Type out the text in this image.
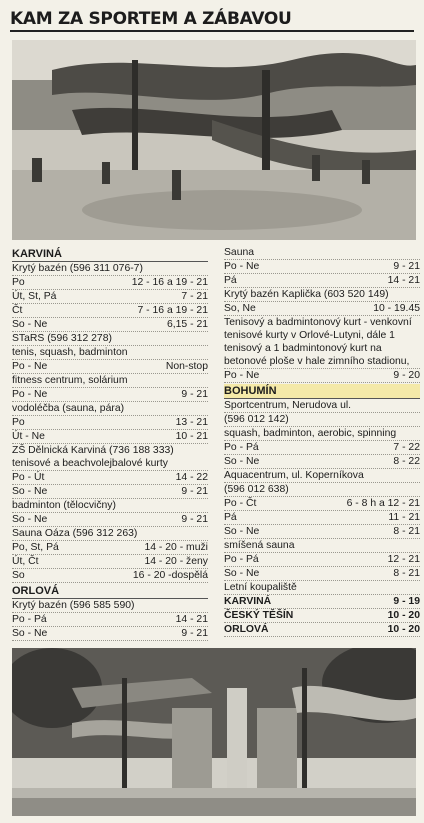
KAM ZA SPORTEM A ZÁBAVOU
KARVINÁ
Krytý bazén (596 311 076-7)
Po	12 - 16 a 19 - 21
Út, St, Pá	7 - 21
Čt	7 - 16 a 19 - 21
So - Ne	6,15 - 21
STaRS (596 312 278)
tenis, squash, badminton
Po - Ne	Non-stop
fitness centrum, solárium
Po - Ne	9 - 21
vodoléčba (sauna, pára)
Po	13 - 21
Út - Ne	10 - 21
ZŠ Dělnická Karviná (736 188 333) tenisové a beachvolejbalové kurty
Po - Út	14 - 22
So - Ne	9 - 21
badminton (tělocvičny)
So - Ne	9 - 21
Sauna Oáza (596 312 263)
Po, St, Pá	14 - 20 - muži
Út, Čt	14 - 20 - ženy
So	16 - 20 -dospělá
ORLOVÁ
Krytý bazén (596 585 590)
Po - Pá	14 - 21
So - Ne	9 - 21
Sauna
Po - Ne	9 - 21
Pá	14 - 21
Krytý bazén Kaplička (603 520 149)
So, Ne	10 - 19.45
Tenisový a badmintonový kurt - venkovní tenisové kurty v Orlové-Lutyni, dále 1 tenisový a 1 badmintonový kurt na betonové ploše v hale zimního stadionu,
Po - Ne	9 - 20
BOHUMÍN
Sportcentrum, Nerudova ul.
(596 012 142)
squash, badminton, aerobic, spinning
Po - Pá	7 - 22
So - Ne	8 - 22
Aquacentrum, ul. Koperníkova
(596 012 638)
Po - Čt	6 - 8 h a 12 - 21
Pá	11 - 21
So - Ne	8 - 21
smíšená sauna
Po - Pá	12 - 21
So - Ne	8 - 21
Letní koupaliště
KARVINÁ	9 - 19
ČESKÝ TĚŠÍN	10 - 20
ORLOVÁ	10 - 20
